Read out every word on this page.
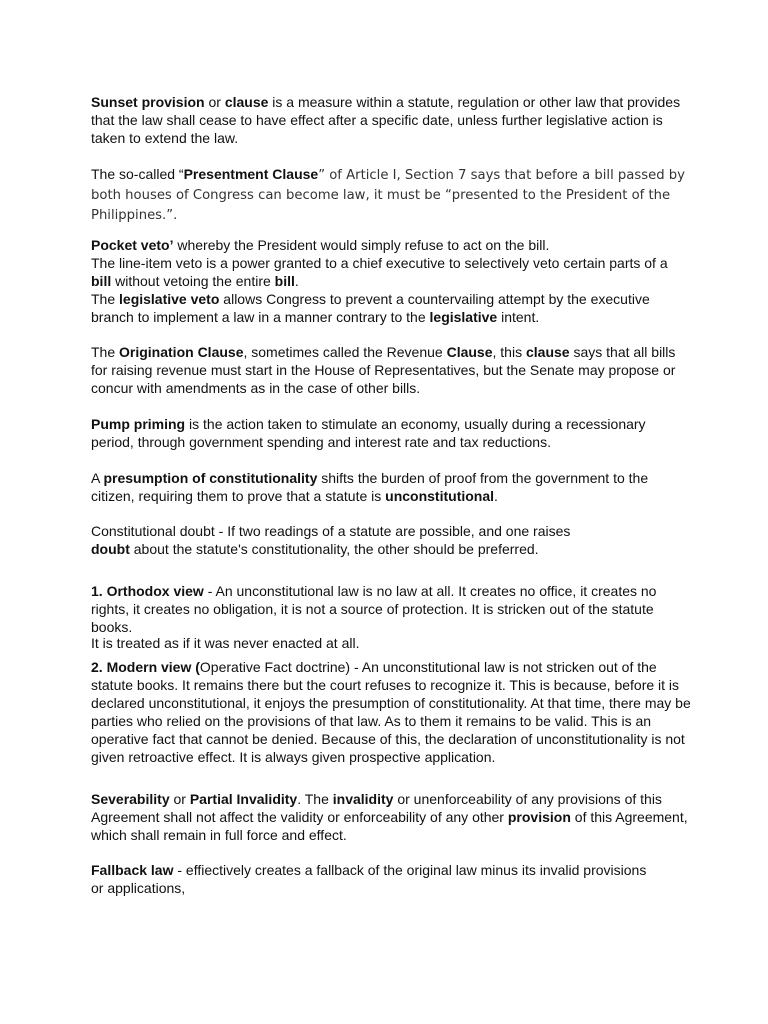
Sunset provision or clause is a measure within a statute, regulation or other law that provides that the law shall cease to have effect after a specific date, unless further legislative action is taken to extend the law.

The so-called “Presentment Clause” of Article I, Section 7 says that before a bill passed by both houses of Congress can become law, it must be “presented to the President of the Philippines.”.

Pocket veto’ whereby the President would simply refuse to act on the bill.

The line-item veto is a power granted to a chief executive to selectively veto certain parts of a bill without vetoing the entire bill.

The legislative veto allows Congress to prevent a countervailing attempt by the executive branch to implement a law in a manner contrary to the legislative intent.

The Origination Clause, sometimes called the Revenue Clause, this clause says that all bills for raising revenue must start in the House of Representatives, but the Senate may propose or concur with amendments as in the case of other bills.

Pump priming is the action taken to stimulate an economy, usually during a recessionary period, through government spending and interest rate and tax reductions.

A presumption of constitutionality shifts the burden of proof from the government to the citizen, requiring them to prove that a statute is unconstitutional.

Constitutional doubt - If two readings of a statute are possible, and one raises doubt about the statute's constitutionality, the other should be preferred.

1. Orthodox view - An unconstitutional law is no law at all. It creates no office, it creates no rights, it creates no obligation, it is not a source of protection. It is stricken out of the statute books.

It is treated as if it was never enacted at all.

2. Modern view (Operative Fact doctrine) - An unconstitutional law is not stricken out of the statute books. It remains there but the court refuses to recognize it. This is because, before it is declared unconstitutional, it enjoys the presumption of constitutionality. At that time, there may be parties who relied on the provisions of that law. As to them it remains to be valid. This is an operative fact that cannot be denied. Because of this, the declaration of unconstitutionality is not given retroactive effect. It is always given prospective application.

Severability or Partial Invalidity. The invalidity or unenforceability of any provisions of this Agreement shall not affect the validity or enforceability of any other provision of this Agreement, which shall remain in full force and effect.

Fallback law - effiectively creates a fallback of the original law minus its invalid provisions or applications,
